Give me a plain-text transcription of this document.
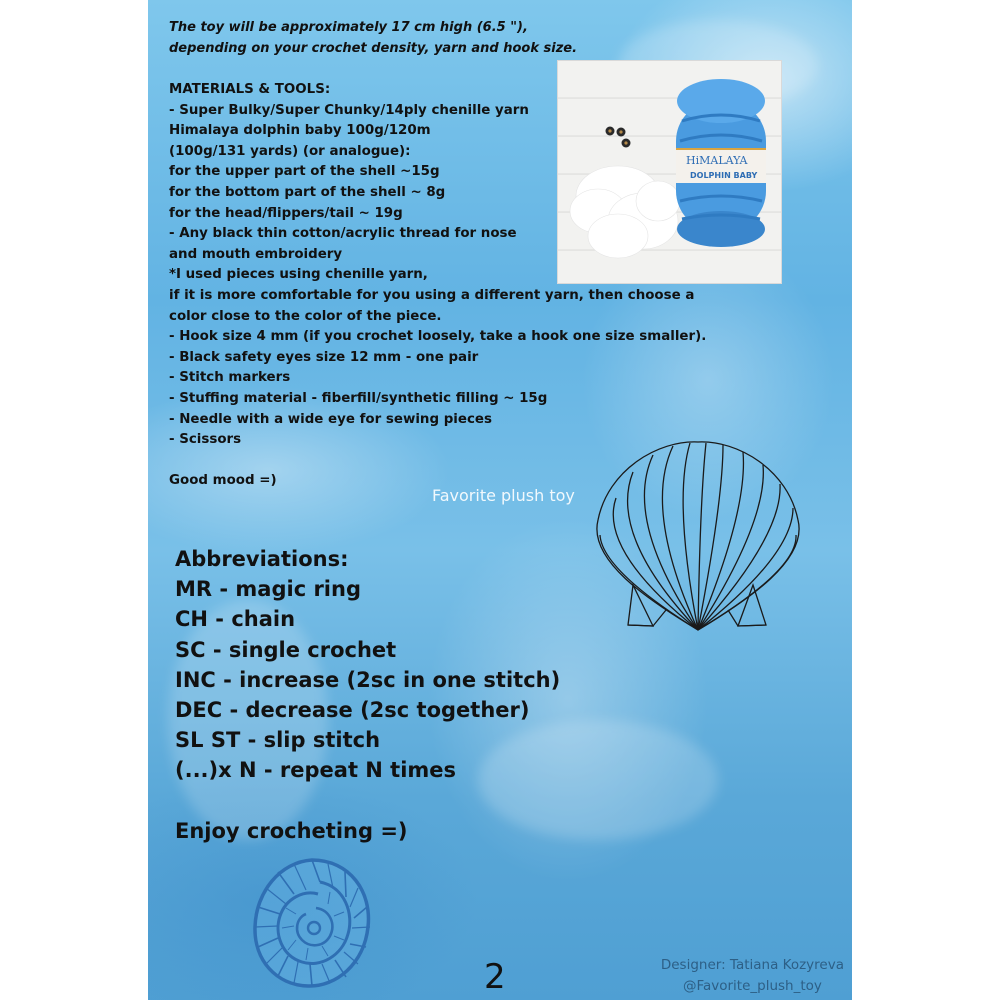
The toy will be approximately 17 cm high (6.5 "),
depending on your crochet density, yarn and hook size.
MATERIALS & TOOLS:
- Super Bulky/Super Chunky/14ply chenille yarn
Himalaya dolphin baby 100g/120m
(100g/131 yards) (or analogue):
for the upper part of the shell ~15g
for the bottom part of the shell ~ 8g
for the head/flippers/tail ~ 19g
- Any black thin cotton/acrylic thread for nose
and mouth embroidery
*I used pieces using chenille yarn,
if it is more comfortable for you using a different yarn, then choose a
color close to the color of the piece.
- Hook size 4 mm (if you crochet loosely, take a hook one size smaller).
- Black safety eyes size 12 mm - one pair
- Stitch markers
- Stuffing material - fiberfill/synthetic filling ~ 15g
- Needle with a wide eye for sewing pieces
- Scissors
Good mood =)
HiMALAYA
DOLPHIN BABY
Favorite plush toy
Abbreviations:
MR - magic ring
CH - chain
SC - single crochet
INC - increase (2sc in one stitch)
DEC - decrease (2sc together)
SL ST - slip stitch
(...)x N - repeat N times
Enjoy crocheting =)
2	Designer: Tatiana Kozyreva
@Favorite_plush_toy
